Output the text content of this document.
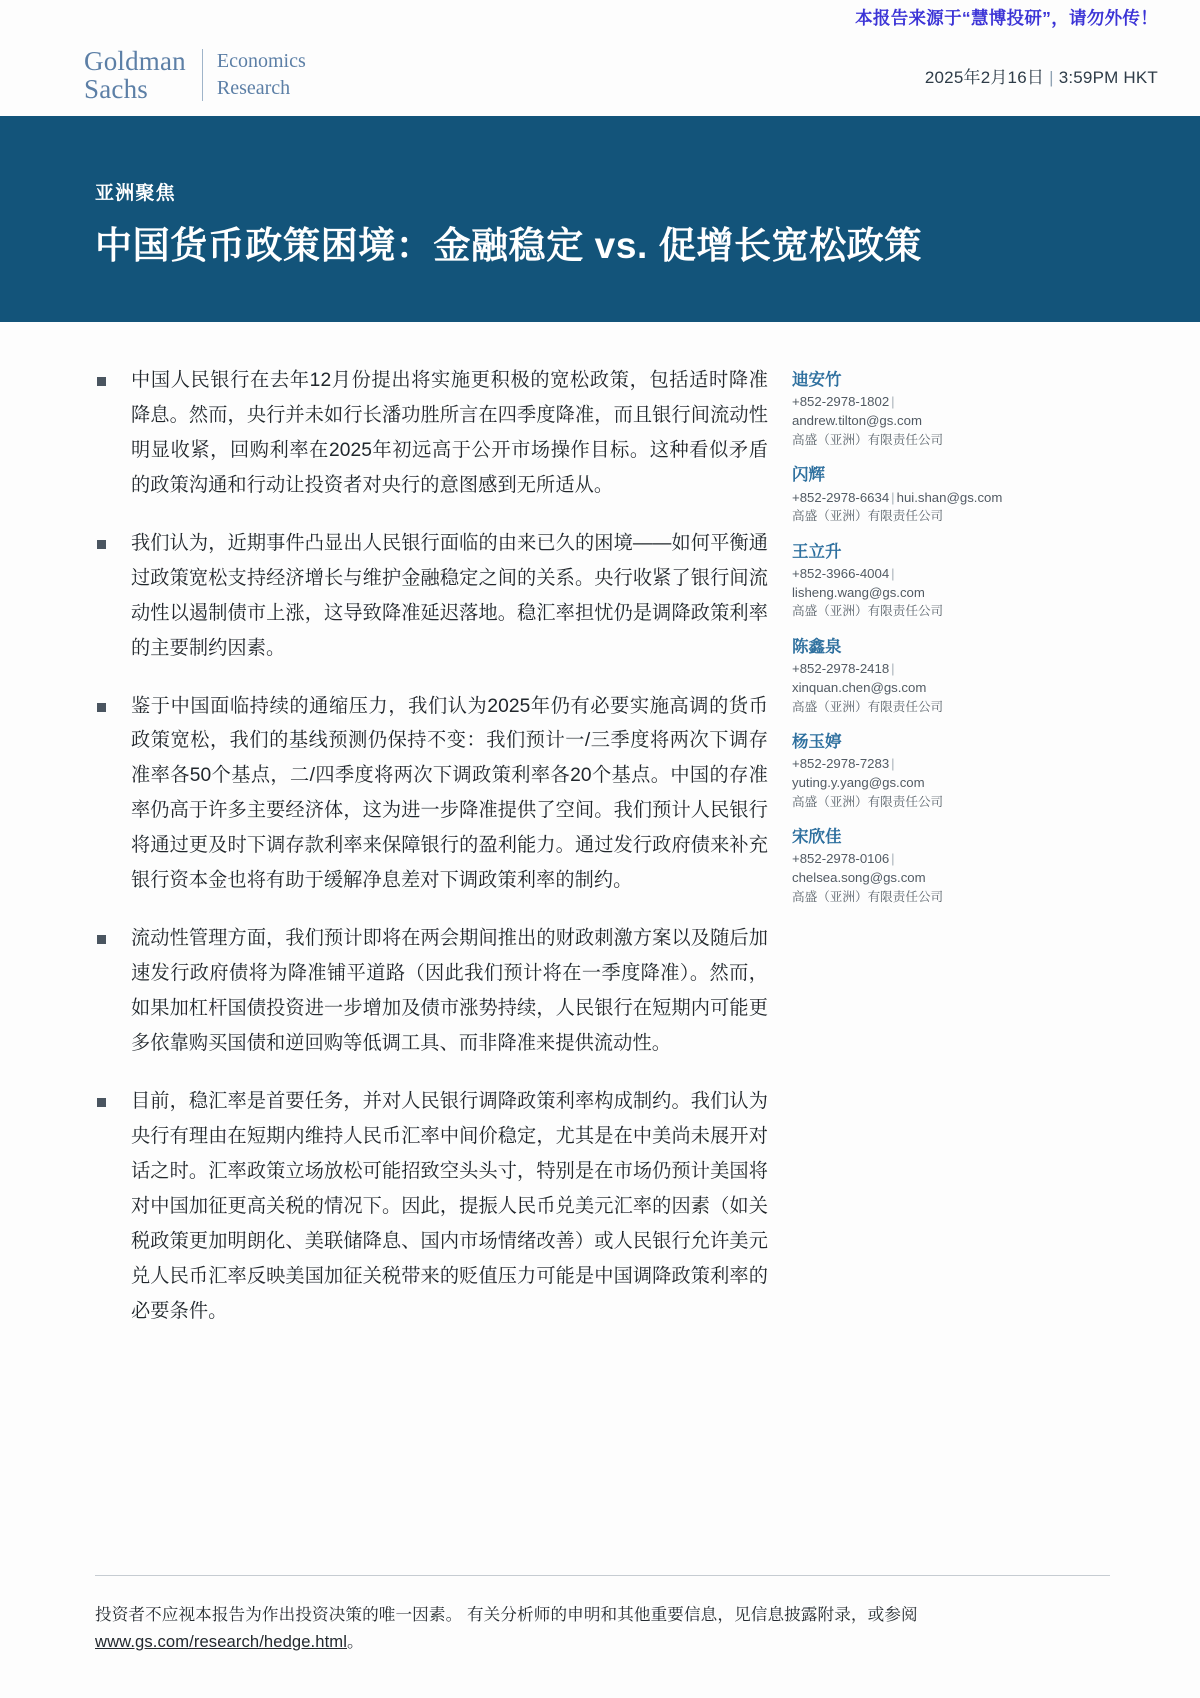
本报告来源于“慧博投研”，请勿外传！
Goldman
Sachs
Economics
Research	2025年2月16日 | 3:59PM HKT
亚洲聚焦
中国货币政策困境：金融稳定 vs. 促增长宽松政策
中国人民银行在去年12月份提出将实施更积极的宽松政策，包括适时降准降息。然而，央行并未如行长潘功胜所言在四季度降准，而且银行间流动性明显收紧，回购利率在2025年初远高于公开市场操作目标。这种看似矛盾的政策沟通和行动让投资者对央行的意图感到无所适从。
我们认为，近期事件凸显出人民银行面临的由来已久的困境——如何平衡通过政策宽松支持经济增长与维护金融稳定之间的关系。央行收紧了银行间流动性以遏制债市上涨，这导致降准延迟落地。稳汇率担忧仍是调降政策利率的主要制约因素。
鉴于中国面临持续的通缩压力，我们认为2025年仍有必要实施高调的货币政策宽松，我们的基线预测仍保持不变：我们预计一/三季度将两次下调存准率各50个基点，二/四季度将两次下调政策利率各20个基点。中国的存准率仍高于许多主要经济体，这为进一步降准提供了空间。我们预计人民银行将通过更及时下调存款利率来保障银行的盈利能力。通过发行政府债来补充银行资本金也将有助于缓解净息差对下调政策利率的制约。
流动性管理方面，我们预计即将在两会期间推出的财政刺激方案以及随后加速发行政府债将为降准铺平道路（因此我们预计将在一季度降准）。然而，如果加杠杆国债投资进一步增加及债市涨势持续，人民银行在短期内可能更多依靠购买国债和逆回购等低调工具、而非降准来提供流动性。
目前，稳汇率是首要任务，并对人民银行调降政策利率构成制约。我们认为央行有理由在短期内维持人民币汇率中间价稳定，尤其是在中美尚未展开对话之时。汇率政策立场放松可能招致空头头寸，特别是在市场仍预计美国将对中国加征更高关税的情况下。因此，提振人民币兑美元汇率的因素（如关税政策更加明朗化、美联储降息、国内市场情绪改善）或人民银行允许美元兑人民币汇率反映美国加征关税带来的贬值压力可能是中国调降政策利率的必要条件。
迪安竹
+852-2978-1802 |
andrew.tilton@gs.com
高盛（亚洲）有限责任公司
闪辉
+852-2978-6634 | hui.shan@gs.com
高盛（亚洲）有限责任公司
王立升
+852-3966-4004 |
lisheng.wang@gs.com
高盛（亚洲）有限责任公司
陈鑫泉
+852-2978-2418 |
xinquan.chen@gs.com
高盛（亚洲）有限责任公司
杨玉婷
+852-2978-7283 |
yuting.y.yang@gs.com
高盛（亚洲）有限责任公司
宋欣佳
+852-2978-0106 |
chelsea.song@gs.com
高盛（亚洲）有限责任公司
投资者不应视本报告为作出投资决策的唯一因素。 有关分析师的申明和其他重要信息，见信息披露附录，或参阅 www.gs.com/research/hedge.html。
